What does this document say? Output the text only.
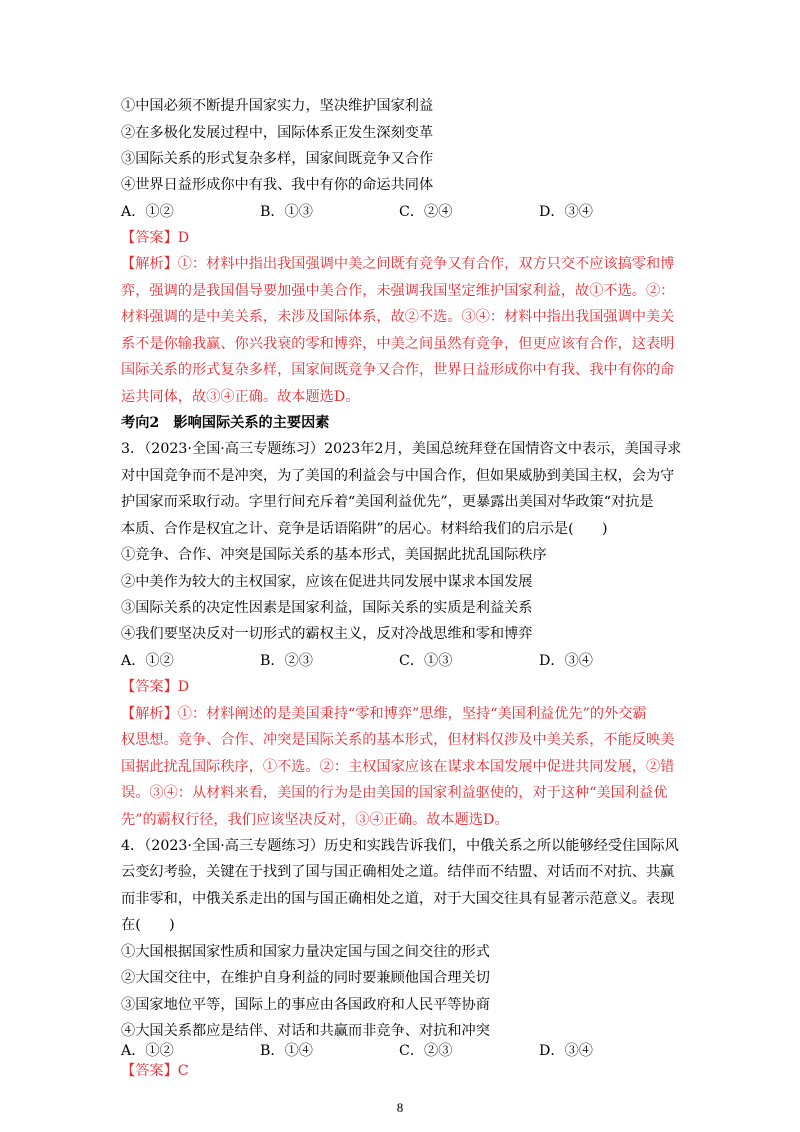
①中国必须不断提升国家实力，坚决维护国家利益
②在多极化发展过程中，国际体系正发生深刻变革
③国际关系的形式复杂多样，国家间既竞争又合作
④世界日益形成你中有我、我中有你的命运共同体
A．①②	B．①③	C．②④	D．③④
【答案】D
【解析】①：材料中指出我国强调中美之间既有竞争又有合作，双方只交不应该搞零和博
弈，强调的是我国倡导要加强中美合作，未强调我国坚定维护国家利益，故①不选。②：
材料强调的是中美关系，未涉及国际体系，故②不选。③④：材料中指出我国强调中美关
系不是你输我赢、你兴我衰的零和博弈，中美之间虽然有竞争，但更应该有合作，这表明
国际关系的形式复杂多样，国家间既竞争又合作，世界日益形成你中有我、我中有你的命
运共同体，故③④正确。故本题选D。
考向2　影响国际关系的主要因素
3．（2023·全国·高三专题练习）2023年2月，美国总统拜登在国情咨文中表示，美国寻求
对中国竞争而不是冲突，为了美国的利益会与中国合作，但如果威胁到美国主权，会为守
护国家而采取行动。字里行间充斥着“美国利益优先”，更暴露出美国对华政策“对抗是
本质、合作是权宜之计、竞争是话语陷阱”的居心。材料给我们的启示是(　　)
①竞争、合作、冲突是国际关系的基本形式，美国据此扰乱国际秩序
②中美作为较大的主权国家，应该在促进共同发展中谋求本国发展
③国际关系的决定性因素是国家利益，国际关系的实质是利益关系
④我们要坚决反对一切形式的霸权主义，反对冷战思维和零和博弈
A．①②	B．②③	C．①③	D．③④
【答案】D
【解析】①：材料阐述的是美国秉持“零和博弈”思维，坚持“美国利益优先”的外交霸
权思想。竞争、合作、冲突是国际关系的基本形式，但材料仅涉及中美关系，不能反映美
国据此扰乱国际秩序，①不选。②：主权国家应该在谋求本国发展中促进共同发展，②错
误。③④：从材料来看，美国的行为是由美国的国家利益驱使的，对于这种“美国利益优
先”的霸权行径，我们应该坚决反对，③④正确。故本题选D。
4．（2023·全国·高三专题练习）历史和实践告诉我们，中俄关系之所以能够经受住国际风
云变幻考验，关键在于找到了国与国正确相处之道。结伴而不结盟、对话而不对抗、共赢
而非零和，中俄关系走出的国与国正确相处之道，对于大国交往具有显著示范意义。表现
在(　　)
①大国根据国家性质和国家力量决定国与国之间交往的形式
②大国交往中，在维护自身利益的同时要兼顾他国合理关切
③国家地位平等，国际上的事应由各国政府和人民平等协商
④大国关系都应是结伴、对话和共赢而非竞争、对抗和冲突
A．①②	B．①④	C．②③	D．③④
【答案】C
8
